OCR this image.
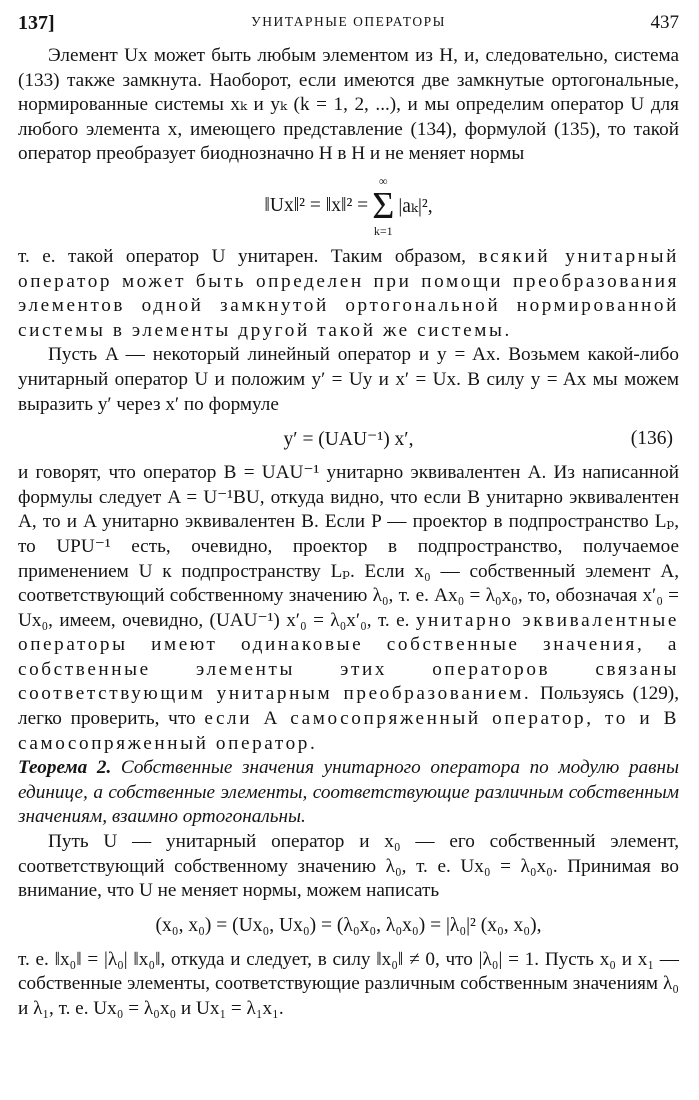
137]	УНИТАРНЫЕ ОПЕРАТОРЫ	437

Элемент Ux может быть любым элементом из H, и, следовательно, система (133) также замкнута. Наоборот, если имеются две замкнутые ортогональные, нормированные системы xₖ и yₖ (k = 1, 2, ...), и мы определим оператор U для любого элемента x, имеющего представление (134), формулой (135), то такой оператор преобразует биоднозначно H в H и не меняет нормы

‖Ux‖² = ‖x‖² =
∞
Σ
k=1
|aₖ|²,

т. е. такой оператор U унитарен. Таким образом, всякий унитарный оператор может быть определен при помощи преобразования элементов одной замкнутой ортогональной нормированной системы в элементы другой такой же системы.

Пусть A — некоторый линейный оператор и y = Ax. Возьмем какой-либо унитарный оператор U и положим y′ = Uy и x′ = Ux. В силу y = Ax мы можем выразить y′ через x′ по формуле

y′ = (UAU⁻¹) x′,	(136)

и говорят, что оператор B = UAU⁻¹ унитарно эквивалентен A. Из написанной формулы следует A = U⁻¹BU, откуда видно, что если B унитарно эквивалентен A, то и A унитарно эквивалентен B. Если P — проектор в подпространство Lₚ, то UPU⁻¹ есть, очевидно, проектор в подпространство, получаемое применением U к подпространству Lₚ. Если x₀ — собственный элемент A, соответствующий собственному значению λ₀, т. е. Ax₀ = λ₀x₀, то, обозначая x′₀ = Ux₀, имеем, очевидно, (UAU⁻¹) x′₀ = λ₀x′₀, т. е. унитарно эквивалентные операторы имеют одинаковые собственные значения, а собственные элементы этих операторов связаны соответствующим унитарным преобразованием. Пользуясь (129), легко проверить, что если A самосопряженный оператор, то и B самосопряженный оператор.

Теорема 2. Собственные значения унитарного оператора по модулю равны единице, а собственные элементы, соответствующие различным собственным значениям, взаимно ортогональны.

Путь U — унитарный оператор и x₀ — его собственный элемент, соответствующий собственному значению λ₀, т. е. Ux₀ = λ₀x₀. Принимая во внимание, что U не меняет нормы, можем написать

(x₀, x₀) = (Ux₀, Ux₀) = (λ₀x₀, λ₀x₀) = |λ₀|² (x₀, x₀),

т. е. ‖x₀‖ = |λ₀| ‖x₀‖, откуда и следует, в силу ‖x₀‖ ≠ 0, что |λ₀| = 1. Пусть x₀ и x₁ — собственные элементы, соответствующие различным собственным значениям λ₀ и λ₁, т. е. Ux₀ = λ₀x₀ и Ux₁ = λ₁x₁.
